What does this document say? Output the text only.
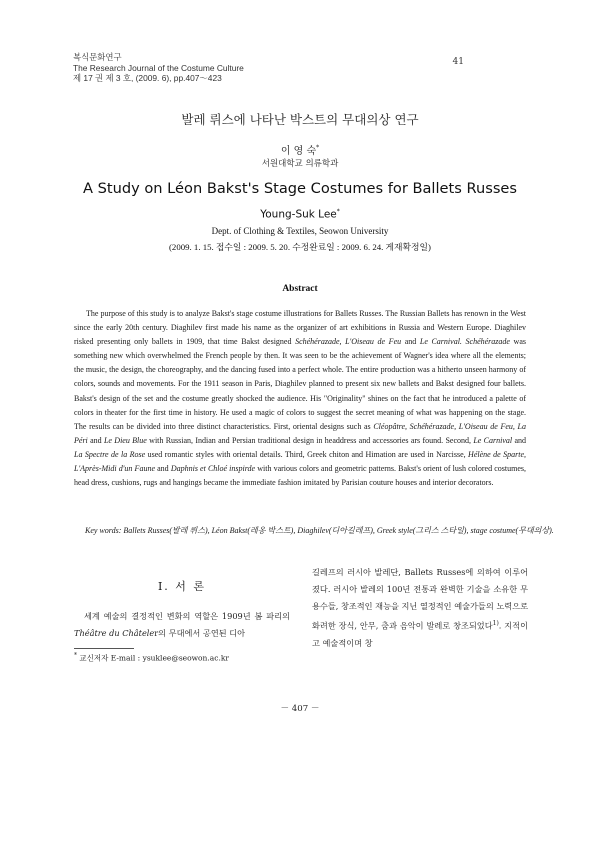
복식문화연구
The Research Journal of the Costume Culture
제 17 권 제 3 호, (2009. 6), pp.407～423
41
발레 뤼스에 나타난 박스트의 무대의상 연구
이 영 숙*
서원대학교 의류학과
A Study on Léon Bakst's Stage Costumes for Ballets Russes
Young-Suk Lee*
Dept. of Clothing & Textiles, Seowon University
(2009. 1. 15. 접수일 : 2009. 5. 20. 수정완료일 : 2009. 6. 24. 게재확정일)
Abstract
The purpose of this study is to analyze Bakst's stage costume illustrations for Ballets Russes. The Russian Ballets has renown in the West since the early 20th century. Diaghilev first made his name as the organizer of art exhibitions in Russia and Western Europe. Diaghilev risked presenting only ballets in 1909, that time Bakst designed Schéhérazade, L'Oiseau de Feu and Le Carnival. Schéhérazade was something new which overwhelmed the French people by then. It was seen to be the achievement of Wagner's idea where all the elements; the music, the design, the choreography, and the dancing fused into a perfect whole. The entire production was a hitherto unseen harmony of colors, sounds and movements. For the 1911 season in Paris, Diaghilev planned to present six new ballets and Bakst designed four ballets. Bakst's design of the set and the costume greatly shocked the audience. His "Originality" shines on the fact that he introduced a palette of colors in theater for the first time in history. He used a magic of colors to suggest the secret meaning of what was happening on the stage. The results can be divided into three distinct characteristics. First, oriental designs such as Cléopâtre, Schéhérazade, L'Oiseau de Feu, La Péri and Le Dieu Blue with Russian, Indian and Persian traditional design in headdress and accessories ars found. Second, Le Carnival and La Spectre de la Rose used romantic styles with oriental details. Third, Greek chiton and Himation are used in Narcisse, Hélène de Sparte, L'Après-Midi d'un Faune and Daphnis et Chloé inspirde with various colors and geometric patterns. Bakst's orient of lush colored costumes, head dress, cushions, rugs and hangings became the immediate fashion imitated by Parisian couture houses and interior decorators.
Key words: Ballets Russes(발레 뤼스), Léon Bakst(레옹 박스트), Diaghilev(디아길레프), Greek style(그리스 스타일), stage costume(무대의상).
Ⅰ. 서 론
세계 예술의 결정적인 변화의 역할은 1909년 봄 파리의 Théâtre du Châteler의 무대에서 공연된 디아
길레프의 러시아 발레단, Ballets Russes에 의하여 이루어졌다. 러시아 발레의 100년 전통과 완벽한 기술을 소유한 무용수들, 창조적인 재능을 지닌 열정적인 예술가들의 노력으로 화려한 장식, 안무, 춤과 음악이 발레로 창조되었다$^{1)}$. 지적이고 예술적이며 창
* 교신저자 E-mail : ysuklee@seowon.ac.kr
－ 407 －
